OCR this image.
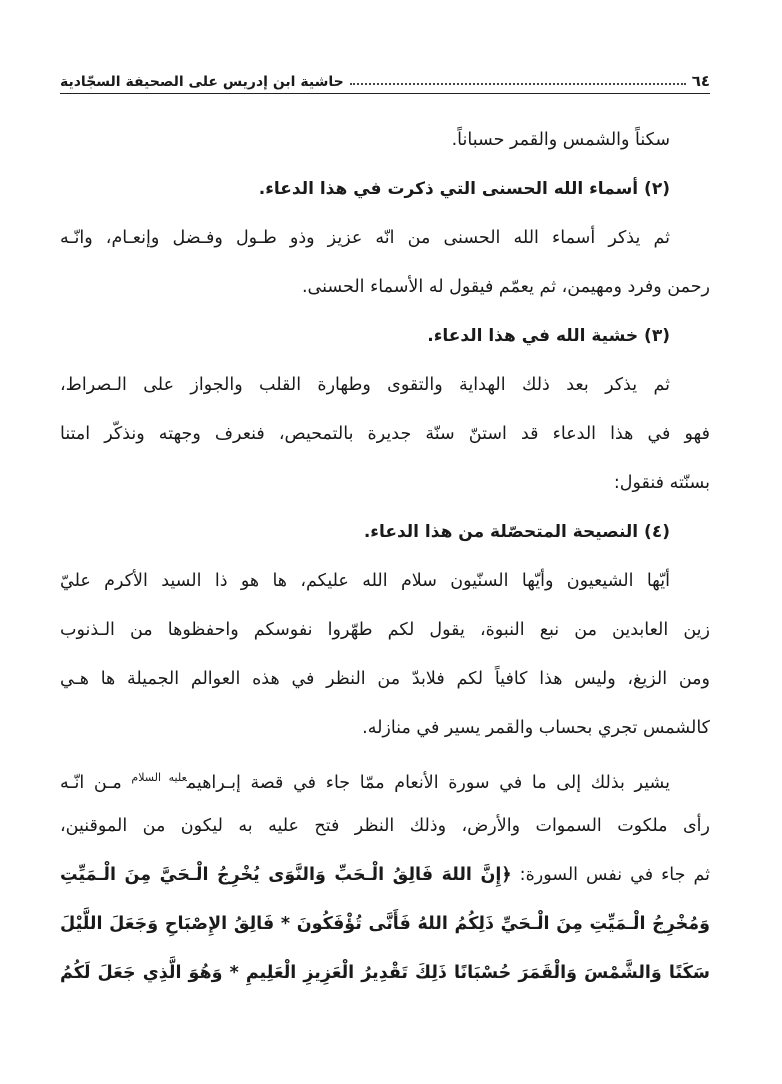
٦٤
حاشية ابن إدريس على الصحيفة السجّادية
سكناً والشمس والقمر حسباناً.
(٢) أسماء الله الحسنى التي ذكرت في هذا الدعاء.
ثم يذكر أسماء الله الحسنى من انّه عزيز وذو طـول وفـضل وإنعـام، وانّـه
رحمن وفرد ومهيمن، ثم يعمّم فيقول له الأسماء الحسنى.
(٣) خشية الله في هذا الدعاء.
ثم يذكر بعد ذلك الهداية والتقوى وطهارة القلب والجواز على الـصراط،
فهو في هذا الدعاء قد استنّ سنّة جديرة بالتمحيص، فنعرف وجهته ونذكّر امتنا
بسنّته فنقول:
(٤) النصيحة المتحصّلة من هذا الدعاء.
أيّها الشيعيون وأيّها السنّيون سلام الله عليكم، ها هو ذا السيد الأكرم عليّ
زين العابدين من نبع النبوة، يقول لكم طهّروا نفوسكم واحفظوها من الـذنوب
ومن الزيغ، وليس هذا كافياً لكم فلابدّ من النظر في هذه العوالم الجميلة ها هـي
كالشمس تجري بحساب والقمر يسير في منازله.
يشير بذلك إلى ما في سورة الأنعام ممّا جاء في قصة إبـراهيم$^{عليه السلام}$ مـن انّـه
رأى ملكوت السموات والأرض، وذلك النظر فتح عليه به ليكون من الموقنين،
ثم جاء في نفس السورة: ﴿إِنَّ اللهَ فَالِقُ الْـحَبِّ وَالنَّوَى يُخْرِجُ الْـحَيَّ مِنَ الْـمَيِّتِ
وَمُخْرِجُ الْـمَيِّتِ مِنَ الْـحَيِّ ذَلِكُمُ اللهُ فَأَنَّى تُؤْفَكُونَ * فَالِقُ الإِصْبَاحِ وَجَعَلَ اللَّيْلَ
سَكَنًا وَالشَّمْسَ وَالْقَمَرَ حُسْبَانًا ذَلِكَ تَقْدِيرُ الْعَزِيزِ الْعَلِيمِ * وَهُوَ الَّذِي جَعَلَ لَكُمُ
